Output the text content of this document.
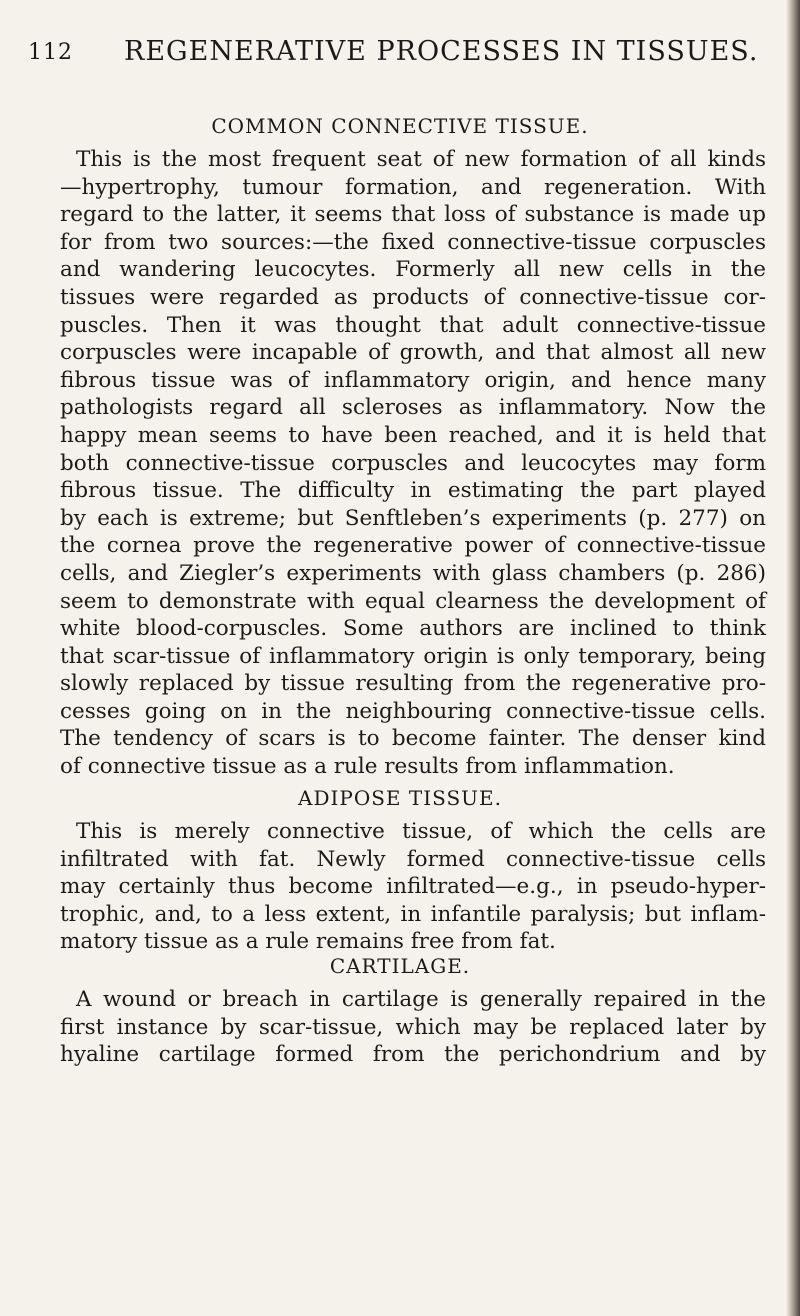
112 REGENERATIVE PROCESSES IN TISSUES.
COMMON CONNECTIVE TISSUE.
This is the most frequent seat of new formation of all kinds
—hypertrophy, tumour formation, and regeneration. With
regard to the latter, it seems that loss of substance is made up
for from two sources:—the fixed connective-tissue corpuscles
and wandering leucocytes. Formerly all new cells in the
tissues were regarded as products of connective-tissue cor-
puscles. Then it was thought that adult connective-tissue
corpuscles were incapable of growth, and that almost all new
fibrous tissue was of inflammatory origin, and hence many
pathologists regard all scleroses as inflammatory. Now the
happy mean seems to have been reached, and it is held that
both connective-tissue corpuscles and leucocytes may form
fibrous tissue. The difficulty in estimating the part played
by each is extreme; but Senftleben’s experiments (p. 277) on
the cornea prove the regenerative power of connective-tissue
cells, and Ziegler’s experiments with glass chambers (p. 286)
seem to demonstrate with equal clearness the development of
white blood-corpuscles. Some authors are inclined to think
that scar-tissue of inflammatory origin is only temporary, being
slowly replaced by tissue resulting from the regenerative pro-
cesses going on in the neighbouring connective-tissue cells.
The tendency of scars is to become fainter. The denser kind
of connective tissue as a rule results from inflammation.
ADIPOSE TISSUE.
This is merely connective tissue, of which the cells are
infiltrated with fat. Newly formed connective-tissue cells
may certainly thus become infiltrated—e.g., in pseudo-hyper-
trophic, and, to a less extent, in infantile paralysis; but inflam-
matory tissue as a rule remains free from fat.
CARTILAGE.
A wound or breach in cartilage is generally repaired in the
first instance by scar-tissue, which may be replaced later by
hyaline cartilage formed from the perichondrium and by
